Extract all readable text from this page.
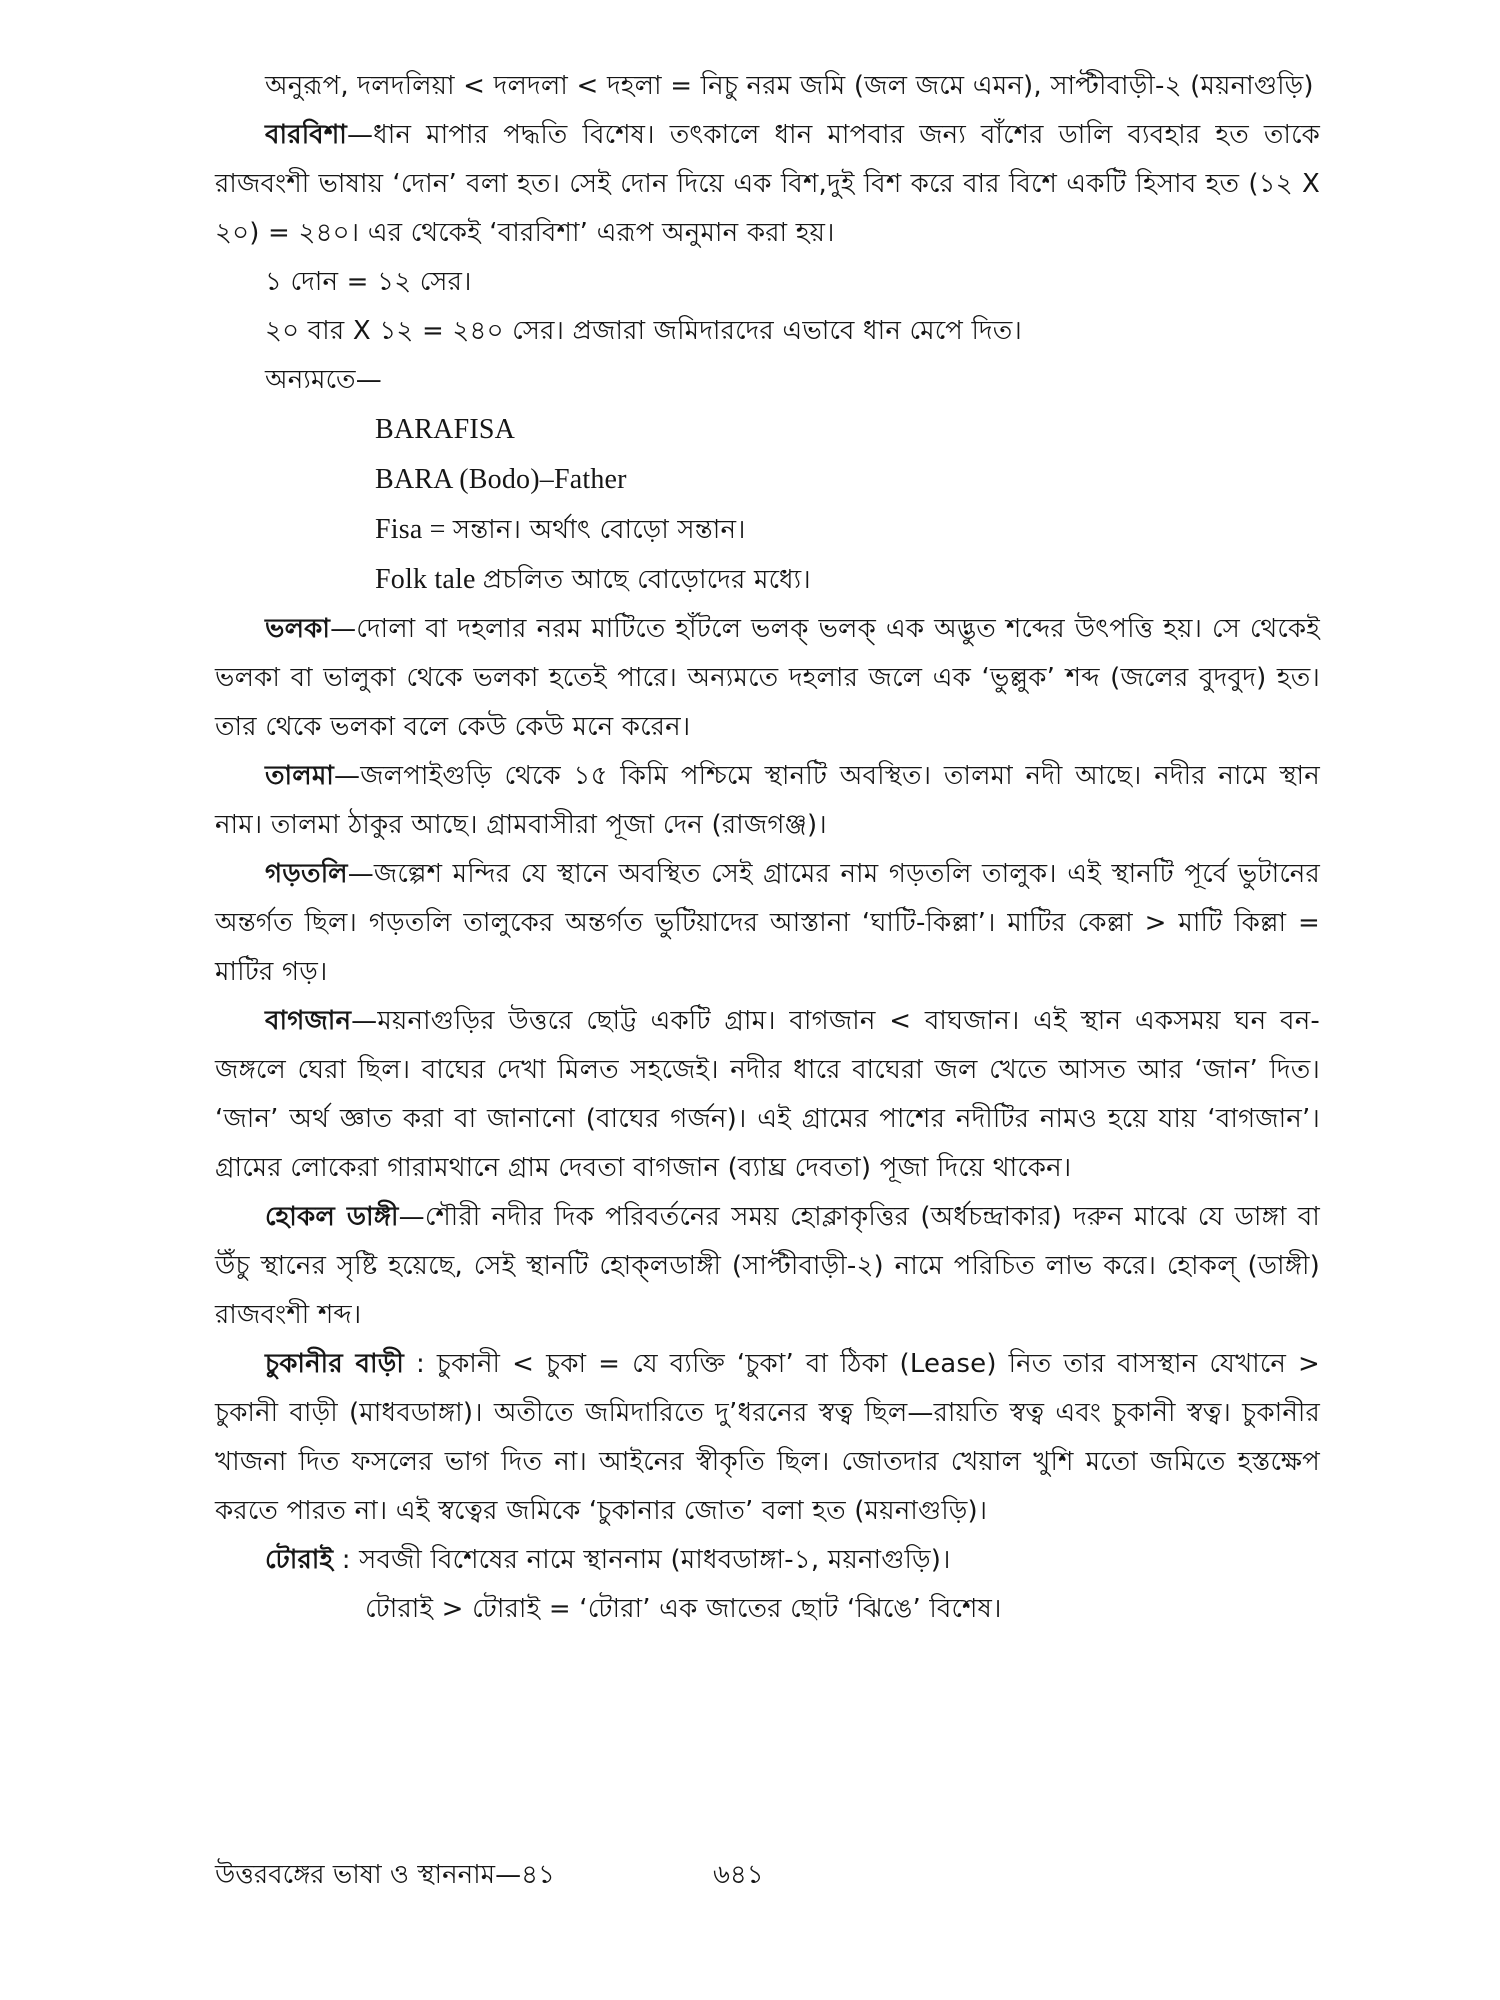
অনুরূপ, দলদলিয়া < দলদলা < দহলা = নিচু নরম জমি (জল জমে এমন), সাপ্টীবাড়ী-২ (ময়নাগুড়ি)

বারবিশা—ধান মাপার পদ্ধতি বিশেষ। তৎকালে ধান মাপবার জন্য বাঁশের ডালি ব্যবহার হত তাকে রাজবংশী ভাষায় ‘দোন’ বলা হত। সেই দোন দিয়ে এক বিশ,দুই বিশ করে বার বিশে একটি হিসাব হত (১২ X ২০) = ২৪০। এর থেকেই ‘বারবিশা’ এরূপ অনুমান করা হয়।

১ দোন = ১২ সের।

২০ বার X ১২ = ২৪০ সের। প্রজারা জমিদারদের এভাবে ধান মেপে দিত।

অন্যমতে—

BARAFISA
BARA (Bodo)–Father
Fisa = সন্তান। অর্থাৎ বোড়ো সন্তান।
Folk tale প্রচলিত আছে বোড়োদের মধ্যে।

ভলকা—দোলা বা দহলার নরম মাটিতে হাঁটলে ভলক্ ভলক্ এক অদ্ভুত শব্দের উৎপত্তি হয়। সে থেকেই ভলকা বা ভালুকা থেকে ভলকা হতেই পারে। অন্যমতে দহলার জলে এক ‘ভুল্লুক’ শব্দ (জলের বুদবুদ) হত। তার থেকে ভলকা বলে কেউ কেউ মনে করেন।

তালমা—জলপাইগুড়ি থেকে ১৫ কিমি পশ্চিমে স্থানটি অবস্থিত। তালমা নদী আছে। নদীর নামে স্থান নাম। তালমা ঠাকুর আছে। গ্রামবাসীরা পূজা দেন (রাজগঞ্জ)।

গড়তলি—জল্পেশ মন্দির যে স্থানে অবস্থিত সেই গ্রামের নাম গড়তলি তালুক। এই স্থানটি পূর্বে ভুটানের অন্তর্গত ছিল। গড়তলি তালুকের অন্তর্গত ভুটিয়াদের আস্তানা ‘ঘাটি-কিল্লা’। মাটির কেল্লা > মাটি কিল্লা = মাটির গড়।

বাগজান—ময়নাগুড়ির উত্তরে ছোট্ট একটি গ্রাম। বাগজান < বাঘজান। এই স্থান একসময় ঘন বন-জঙ্গলে ঘেরা ছিল। বাঘের দেখা মিলত সহজেই। নদীর ধারে বাঘেরা জল খেতে আসত আর ‘জান’ দিত। ‘জান’ অর্থ জ্ঞাত করা বা জানানো (বাঘের গর্জন)। এই গ্রামের পাশের নদীটির নামও হয়ে যায় ‘বাগজান’। গ্রামের লোকেরা গারামথানে গ্রাম দেবতা বাগজান (ব্যাঘ্র দেবতা) পূজা দিয়ে থাকেন।

হোকল ডাঙ্গী—শৌরী নদীর দিক পরিবর্তনের সময় হোক্লাকৃত্তির (অর্ধচন্দ্রাকার) দরুন মাঝে যে ডাঙ্গা বা উঁচু স্থানের সৃষ্টি হয়েছে, সেই স্থানটি হোক্‌লডাঙ্গী (সাপ্টীবাড়ী-২) নামে পরিচিত লাভ করে। হোকল্ (ডাঙ্গী) রাজবংশী শব্দ।

চুকানীর বাড়ী : চুকানী < চুকা = যে ব্যক্তি ‘চুকা’ বা ঠিকা (Lease) নিত তার বাসস্থান যেখানে > চুকানী বাড়ী (মাধবডাঙ্গা)। অতীতে জমিদারিতে দু’ধরনের স্বত্ব ছিল—রায়তি স্বত্ব এবং চুকানী স্বত্ব। চুকানীর খাজনা দিত ফসলের ভাগ দিত না। আইনের স্বীকৃতি ছিল। জোতদার খেয়াল খুশি মতো জমিতে হস্তক্ষেপ করতে পারত না। এই স্বত্বের জমিকে ‘চুকানার জোত’ বলা হত (ময়নাগুড়ি)।

টোরাই : সবজী বিশেষের নামে স্থাননাম (মাধবডাঙ্গা-১, ময়নাগুড়ি)।

টোরাই > টোরাই = ‘টোরা’ এক জাতের ছোট ‘ঝিঙে’ বিশেষ।

উত্তরবঙ্গের ভাষা ও স্থাননাম—৪১	৬৪১
